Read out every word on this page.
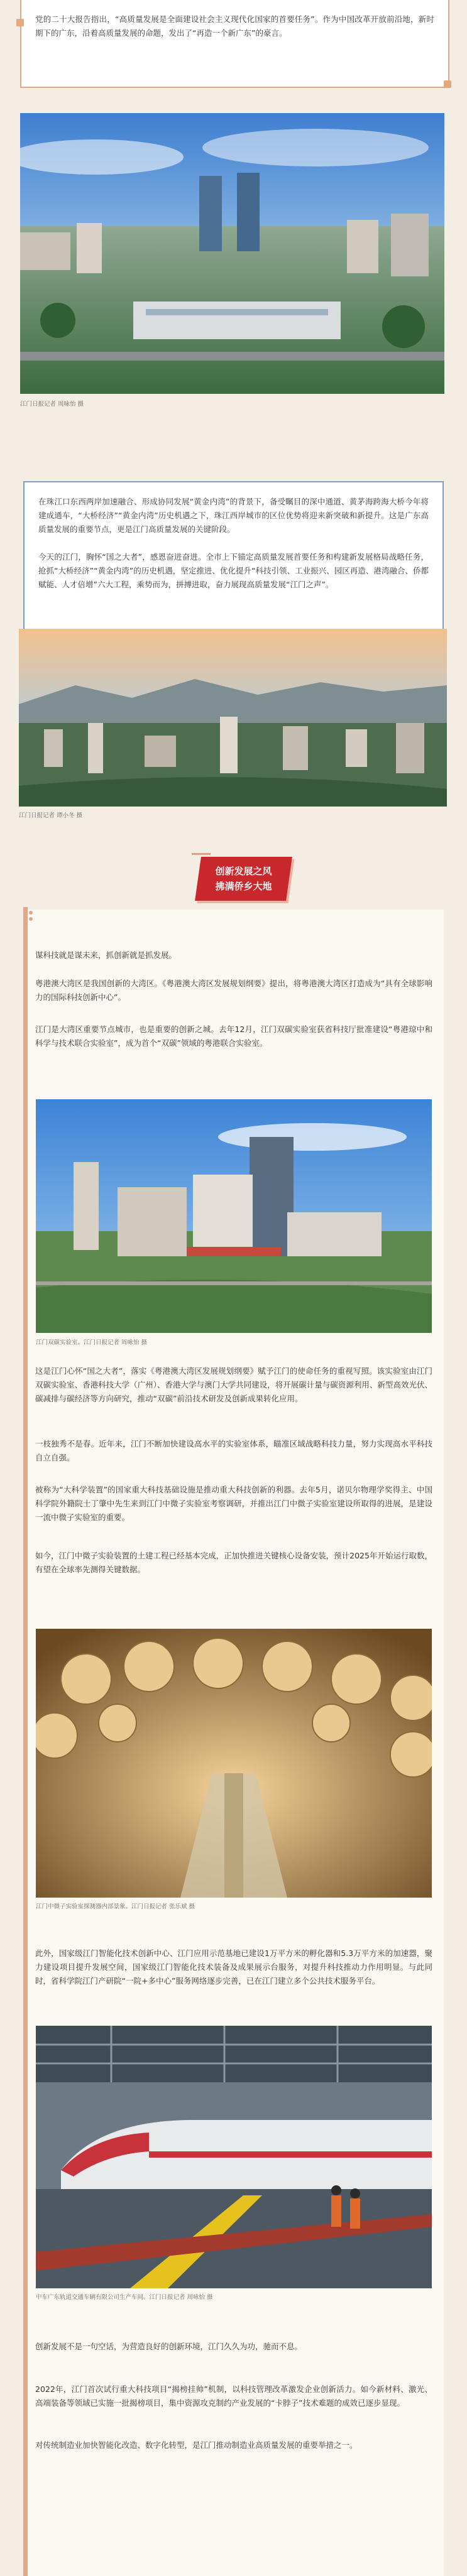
党的二十大报告指出，“高质量发展是全面建设社会主义现代化国家的首要任务”。作为中国改革开放前沿地，新时期下的广东，沿着高质量发展的命题，发出了“再造一个新广东”的豪言。

江门日报记者 周咏怡 摄

在珠江口东西两岸加速融合、形成协同发展“黄金内湾”的背景下，备受瞩目的深中通道、黄茅海跨海大桥今年将建成通车，“大桥经济”“黄金内湾”历史机遇之下，珠江西岸城市的区位优势将迎来新突破和新提升。这是广东高质量发展的重要节点，更是江门高质量发展的关键阶段。

今天的江门，胸怀“国之大者”，感恩奋进奋进。全市上下锚定高质量发展首要任务和构建新发展格局战略任务，抢抓“大桥经济”“黄金内湾”的历史机遇，坚定推进、优化提升“科技引领、工业振兴、园区再造、港湾融合、侨都赋能、人才倍增”六大工程，乘势而为，拼搏进取，奋力展现高质量发展“江门之声”。

江门日报记者 谭小冬 摄

创新发展之风
拂满侨乡大地

谋科技就是谋未来，抓创新就是抓发展。

粤港澳大湾区是我国创新的大湾区。《粤港澳大湾区发展规划纲要》提出，将粤港澳大湾区打造成为“具有全球影响力的国际科技创新中心”。

江门是大湾区重要节点城市，也是重要的创新之城。去年12月，江门双碳实验室获省科技厅批准建设“粤港琼中和科学与技术联合实验室”，成为首个“双碳”领域的粤港联合实验室。

江门双碳实验室。江门日报记者 周咏怡 摄

这是江门心怀“国之大者”，落实《粤港澳大湾区发展规划纲要》赋予江门的使命任务的重视写照。该实验室由江门双碳实验室、香港科技大学（广州）、香港大学与澳门大学共同建设，将开展碳计量与碳资源利用、新型高效光伏、碳减排与碳经济等方向研究，推动“双碳”前沿技术研发及创新成果转化应用。

一枝独秀不是春。近年来，江门不断加快建设高水平的实验室体系，瞄准区域战略科技力量，努力实现高水平科技自立自强。

被称为“大科学装置”的国家重大科技基础设施是推动重大科技创新的利器。去年5月，诺贝尔物理学奖得主、中国科学院外籍院士丁肇中先生来到江门中微子实验室考察调研，并推出江门中微子实验室建设所取得的进展，是建设一流中微子实验室的重要。

如今，江门中微子实验装置的土建工程已经基本完成，正加快推进关键核心设备安装，预计2025年开始运行取数，有望在全球率先测得关键数据。

江门中微子实验室探测器内部景象。江门日报记者 张乐斌 摄

此外，国家级江门智能化技术创新中心、江门应用示范基地已建设1万平方米的孵化器和5.3万平方米的加速器，聚力建设项目提升发展空间，国家级江门智能化技术装备及成果展示台服务，对提升科技推动力作用明显。与此同时，省科学院江门产研院“一院+多中心”服务网络逐步完善，已在江门建立多个公共技术服务平台。

中车广东轨道交通车辆有限公司生产车间。江门日报记者 周咏怡 摄

创新发展不是一句空话，为营造良好的创新环境，江门久久为功，驰而不息。

2022年，江门首次试行重大科技项目“揭榜挂帅”机制，以科技管理改革激发企业创新活力。如今新材料、激光、高端装备等领域已实施一批揭榜项目，集中资源攻克制约产业发展的“卡脖子”技术难题的成效已逐步显现。

对传统制造业加快智能化改造、数字化转型，是江门推动制造业高质量发展的重要举措之一。
